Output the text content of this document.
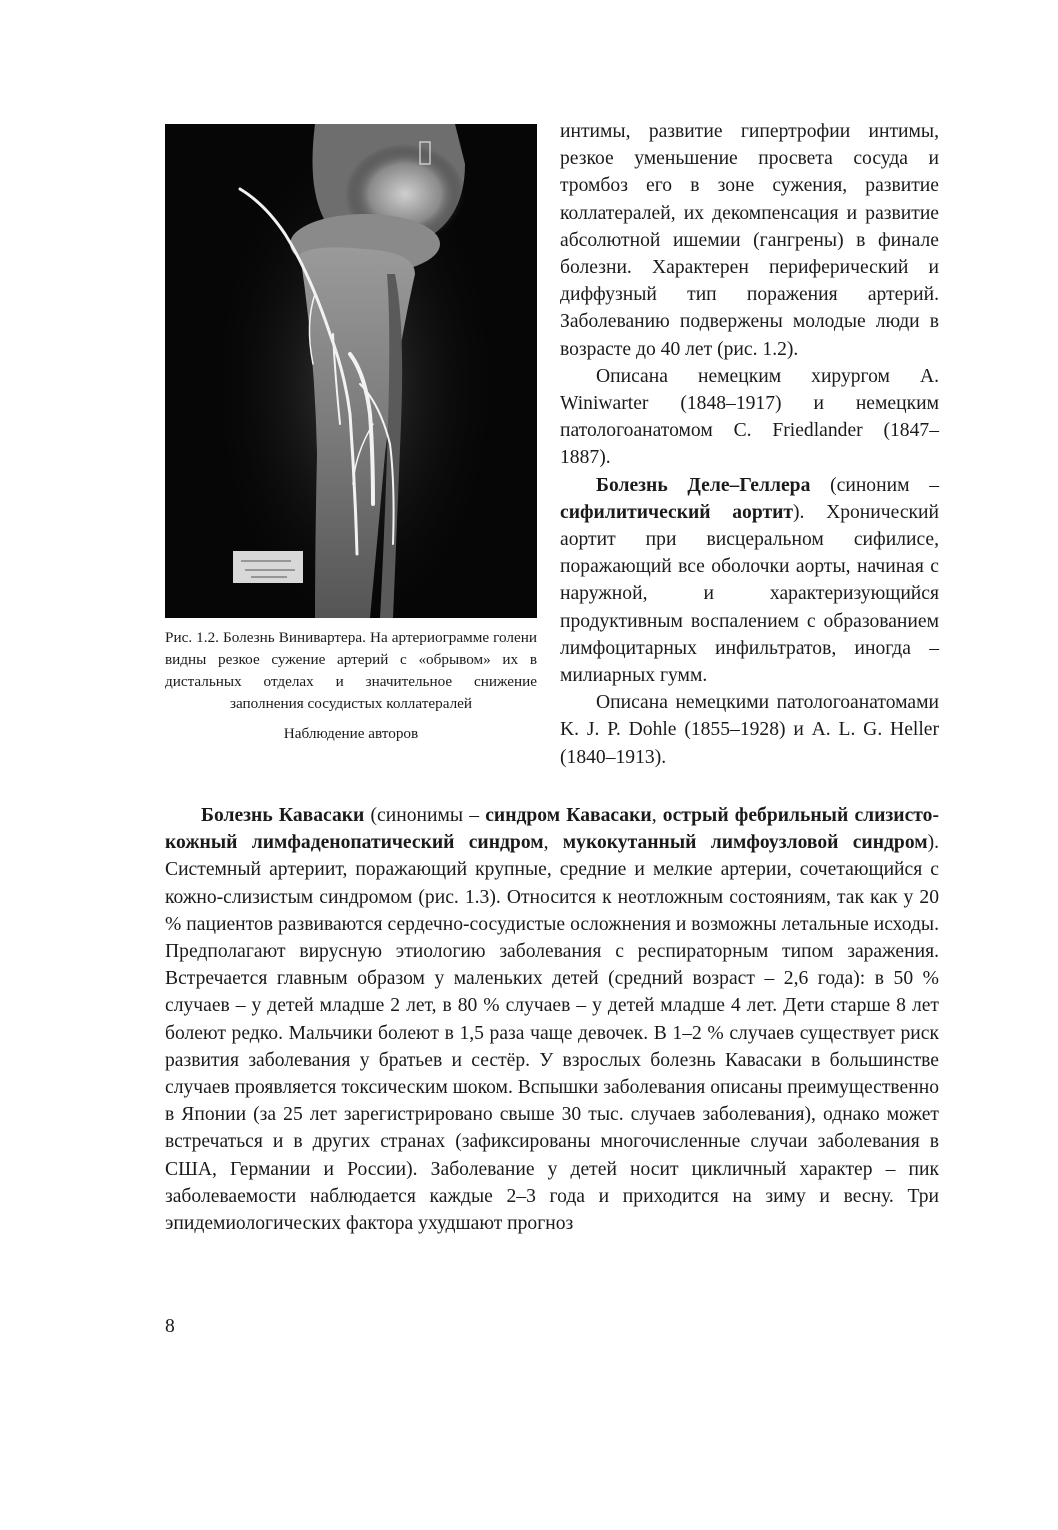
Рис. 1.2. Болезнь Винивартера. На артериограмме голени видны резкое сужение артерий с «обрывом» их в дистальных отделах и значительное снижение заполнения сосудистых коллатералей
Наблюдение авторов

интимы, развитие гипертрофии интимы, резкое уменьшение просвета сосуда и тромбоз его в зоне сужения, развитие коллатералей, их декомпенсация и развитие абсолютной ишемии (гангрены) в финале болезни. Характерен периферический и диффузный тип поражения артерий. Заболеванию подвержены молодые люди в возрасте до 40 лет (рис. 1.2).

Описана немецким хирургом A. Winiwarter (1848–1917) и немецким патологоанатомом C. Friedlander (1847–1887).

Болезнь Деле–Геллера (синоним – сифилитический аортит). Хронический аортит при висцеральном сифилисе, поражающий все оболочки аорты, начиная с наружной, и характеризующийся продуктивным воспалением с образованием лимфоцитарных инфильтратов, иногда – милиарных гумм.

Описана немецкими патологоанатомами K. J. P. Dohle (1855–1928) и A. L. G. Heller (1840–1913).

Болезнь Кавасаки (синонимы – синдром Кавасаки, острый фебрильный слизисто-кожный лимфаденопатический синдром, мукокутанный лимфоузловой синдром). Системный артериит, поражающий крупные, средние и мелкие артерии, сочетающийся с кожно-слизистым синдромом (рис. 1.3). Относится к неотложным состояниям, так как у 20 % пациентов развиваются сердечно-сосудистые осложнения и возможны летальные исходы. Предполагают вирусную этиологию заболевания с респираторным типом заражения. Встречается главным образом у маленьких детей (средний возраст – 2,6 года): в 50 % случаев – у детей младше 2 лет, в 80 % случаев – у детей младше 4 лет. Дети старше 8 лет болеют редко. Мальчики болеют в 1,5 раза чаще девочек. В 1–2 % случаев существует риск развития заболевания у братьев и сестёр. У взрослых болезнь Кавасаки в большинстве случаев проявляется токсическим шоком. Вспышки заболевания описаны преимущественно в Японии (за 25 лет зарегистрировано свыше 30 тыс. случаев заболевания), однако может встречаться и в других странах (зафиксированы многочисленные случаи заболевания в США, Германии и России). Заболевание у детей носит цикличный характер – пик заболеваемости наблюдается каждые 2–3 года и приходится на зиму и весну. Три эпидемиологических фактора ухудшают прогноз

8
